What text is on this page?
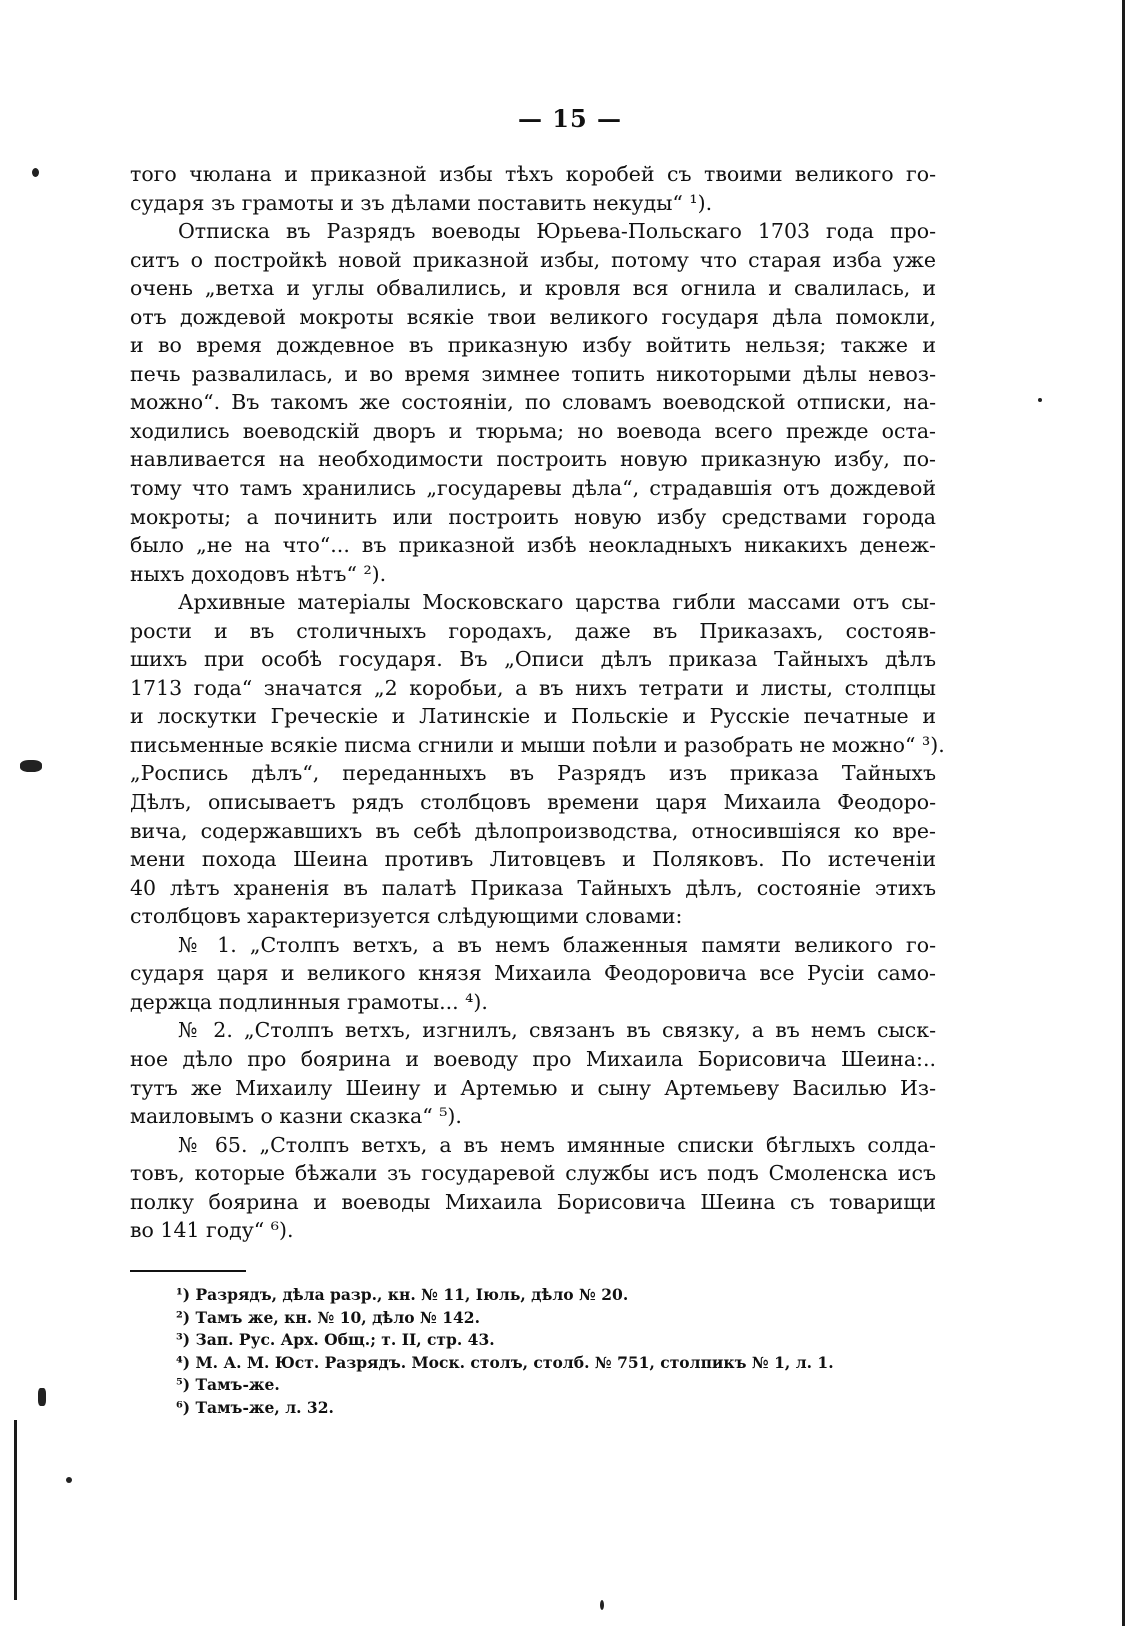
— 15 —
того чюлана и приказной избы тѣхъ коробей съ твоими великого го-
сударя зъ грамоты и зъ дѣлами поставить некуды“ ¹).
Отписка въ Разрядъ воеводы Юрьева-Польскаго 1703 года про-
ситъ о постройкѣ новой приказной избы, потому что старая изба уже
очень „ветха и углы обвалились, и кровля вся огнила и свалилась, и
отъ дождевой мокроты всякіе твои великого государя дѣла помокли,
и во время дождевное въ приказную избу войтить нельзя; также и
печь развалилась, и во время зимнее топить никоторыми дѣлы невоз-
можно“. Въ такомъ же состояніи, по словамъ воеводской отписки, на-
ходились воеводскій дворъ и тюрьма; но воевода всего прежде оста-
навливается на необходимости построить новую приказную избу, по-
тому что тамъ хранились „государевы дѣла“, страдавшія отъ дождевой
мокроты; а починить или построить новую избу средствами города
было „не на что“... въ приказной избѣ неокладныхъ никакихъ денеж-
ныхъ доходовъ нѣтъ“ ²).
Архивные матеріалы Московскаго царства гибли массами отъ сы-
рости и въ столичныхъ городахъ, даже въ Приказахъ, состояв-
шихъ при особѣ государя. Въ „Описи дѣлъ приказа Тайныхъ дѣлъ
1713 года“ значатся „2 коробьи, а въ нихъ тетрати и листы, столпцы
и лоскутки Греческіе и Латинскіе и Польскіе и Русскіе печатные и
письменные всякіе писма сгнили и мыши поѣли и разобрать не можно“ ³).
„Роспись дѣлъ“, переданныхъ въ Разрядъ изъ приказа Тайныхъ
Дѣлъ, описываетъ рядъ столбцовъ времени царя Михаила Феодоро-
вича, содержавшихъ въ себѣ дѣлопроизводства, относившіяся ко вре-
мени похода Шеина противъ Литовцевъ и Поляковъ. По истеченіи
40 лѣтъ храненія въ палатѣ Приказа Тайныхъ дѣлъ, состояніе этихъ
столбцовъ характеризуется слѣдующими словами:
№ 1. „Столпъ ветхъ, а въ немъ блаженныя памяти великого го-
сударя царя и великого князя Михаила Феодоровича все Русіи само-
держца подлинныя грамоты... ⁴).
№ 2. „Столпъ ветхъ, изгнилъ, связанъ въ связку, а въ немъ сыск-
ное дѣло про боярина и воеводу про Михаила Борисовича Шеина:..
тутъ же Михаилу Шеину и Артемью и сыну Артемьеву Василью Из-
маиловымъ о казни сказка“ ⁵).
№ 65. „Столпъ ветхъ, а въ немъ имянные списки бѣглыхъ солда-
товъ, которые бѣжали зъ государевой службы исъ подъ Смоленска исъ
полку боярина и воеводы Михаила Борисовича Шеина съ товарищи
во 141 году“ ⁶).
¹) Разрядъ, дѣла разр., кн. № 11, Іюль, дѣло № 20.
²) Тамъ же, кн. № 10, дѣло № 142.
³) Зап. Рус. Арх. Общ.; т. II, стр. 43.
⁴) М. А. М. Юст. Разрядъ. Моск. столъ, столб. № 751, столпикъ № 1, л. 1.
⁵) Тамъ-же.
⁶) Тамъ-же, л. 32.
